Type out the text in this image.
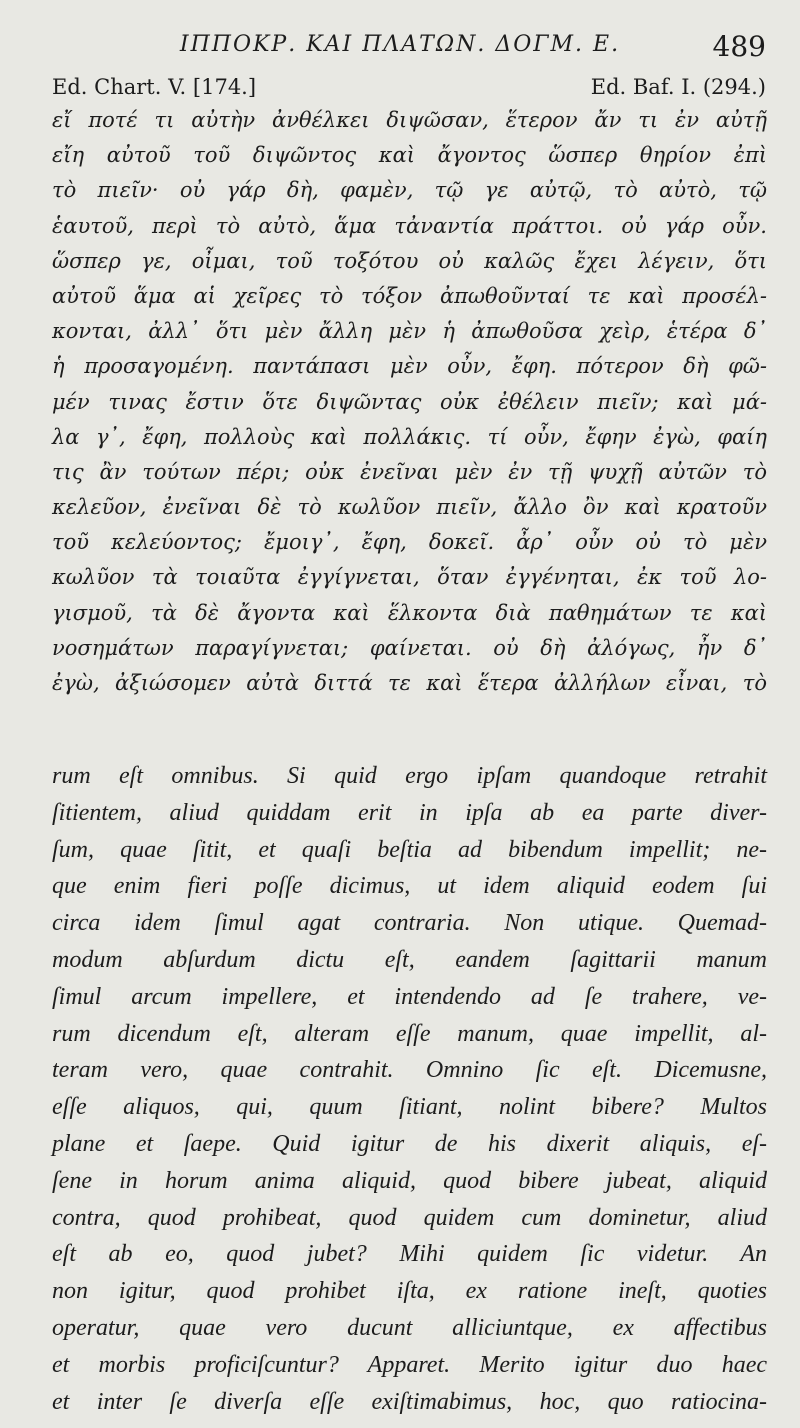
ΙΠΠΟΚΡ. ΚΑΙ ΠΛΑΤΩΝ. ΔΟΓΜ. Ε.	489
Ed. Chart. V. [174.]	Ed. Baf. I. (294.)
εἴ ποτέ τι αὐτὴν ἀνθέλκει διψῶσαν, ἕτερον ἄν τι ἐν αὐτῇ
εἴη αὐτοῦ τοῦ διψῶντος καὶ ἄγοντος ὥσπερ θηρίον ἐπὶ
τὸ πιεῖν· οὐ γάρ δὴ, φαμὲν, τῷ γε αὐτῷ, τὸ αὐτὸ, τῷ
ἑαυτοῦ, περὶ τὸ αὐτὸ, ἅμα τἀναντία πράττοι. οὐ γάρ οὖν.
ὥσπερ γε, οἶμαι, τοῦ τοξότου οὐ καλῶς ἔχει λέγειν, ὅτι
αὐτοῦ ἅμα αἱ χεῖρες τὸ τόξον ἀπωθοῦνταί τε καὶ προσέλ-
κονται, ἀλλ᾽ ὅτι μὲν ἄλλη μὲν ἡ ἀπωθοῦσα χεὶρ, ἑτέρα δ᾽
ἡ προσαγομένη. παντάπασι μὲν οὖν, ἔφη. πότερον δὴ φῶ-
μέν τινας ἔστιν ὅτε διψῶντας οὐκ ἐθέλειν πιεῖν; καὶ μά-
λα γ᾽, ἔφη, πολλοὺς καὶ πολλάκις. τί οὖν, ἔφην ἐγὼ, φαίη
τις ἂν τούτων πέρι; οὐκ ἐνεῖναι μὲν ἐν τῇ ψυχῇ αὐτῶν τὸ
κελεῦον, ἐνεῖναι δὲ τὸ κωλῦον πιεῖν, ἄλλο ὂν καὶ κρατοῦν
τοῦ κελεύοντος; ἔμοιγ᾽, ἔφη, δοκεῖ. ἆρ᾽ οὖν οὐ τὸ μὲν
κωλῦον τὰ τοιαῦτα ἐγγίγνεται, ὅταν ἐγγένηται, ἐκ τοῦ λο-
γισμοῦ, τὰ δὲ ἄγοντα καὶ ἕλκοντα διὰ παθημάτων τε καὶ
νοσημάτων παραγίγνεται; φαίνεται. οὐ δὴ ἀλόγως, ἦν δ᾽
ἐγὼ, ἀξιώσομεν αὐτὰ διττά τε καὶ ἕτερα ἀλλήλων εἶναι, τὸ
rum eſt omnibus. Si quid ergo ipſam quandoque retrahit
ſitientem, aliud quiddam erit in ipſa ab ea parte diver-
ſum, quae ſitit, et quaſi beſtia ad bibendum impellit; ne-
que enim fieri poſſe dicimus, ut idem aliquid eodem ſui
circa idem ſimul agat contraria. Non utique. Quemad-
modum abſurdum dictu eſt, eandem ſagittarii manum
ſimul arcum impellere, et intendendo ad ſe trahere, ve-
rum dicendum eſt, alteram eſſe manum, quae impellit, al-
teram vero, quae contrahit. Omnino ſic eſt. Dicemusne,
eſſe aliquos, qui, quum ſitiant, nolint bibere? Multos
plane et ſaepe. Quid igitur de his dixerit aliquis, eſ-
ſene in horum anima aliquid, quod bibere jubeat, aliquid
contra, quod prohibeat, quod quidem cum dominetur, aliud
eſt ab eo, quod jubet? Mihi quidem ſic videtur. An
non igitur, quod prohibet iſta, ex ratione ineſt, quoties
operatur, quae vero ducunt alliciuntque, ex affectibus
et morbis proficiſcuntur? Apparet. Merito igitur duo haec
et inter ſe diverſa eſſe exiſtimabimus, hoc, quo ratiocina-
